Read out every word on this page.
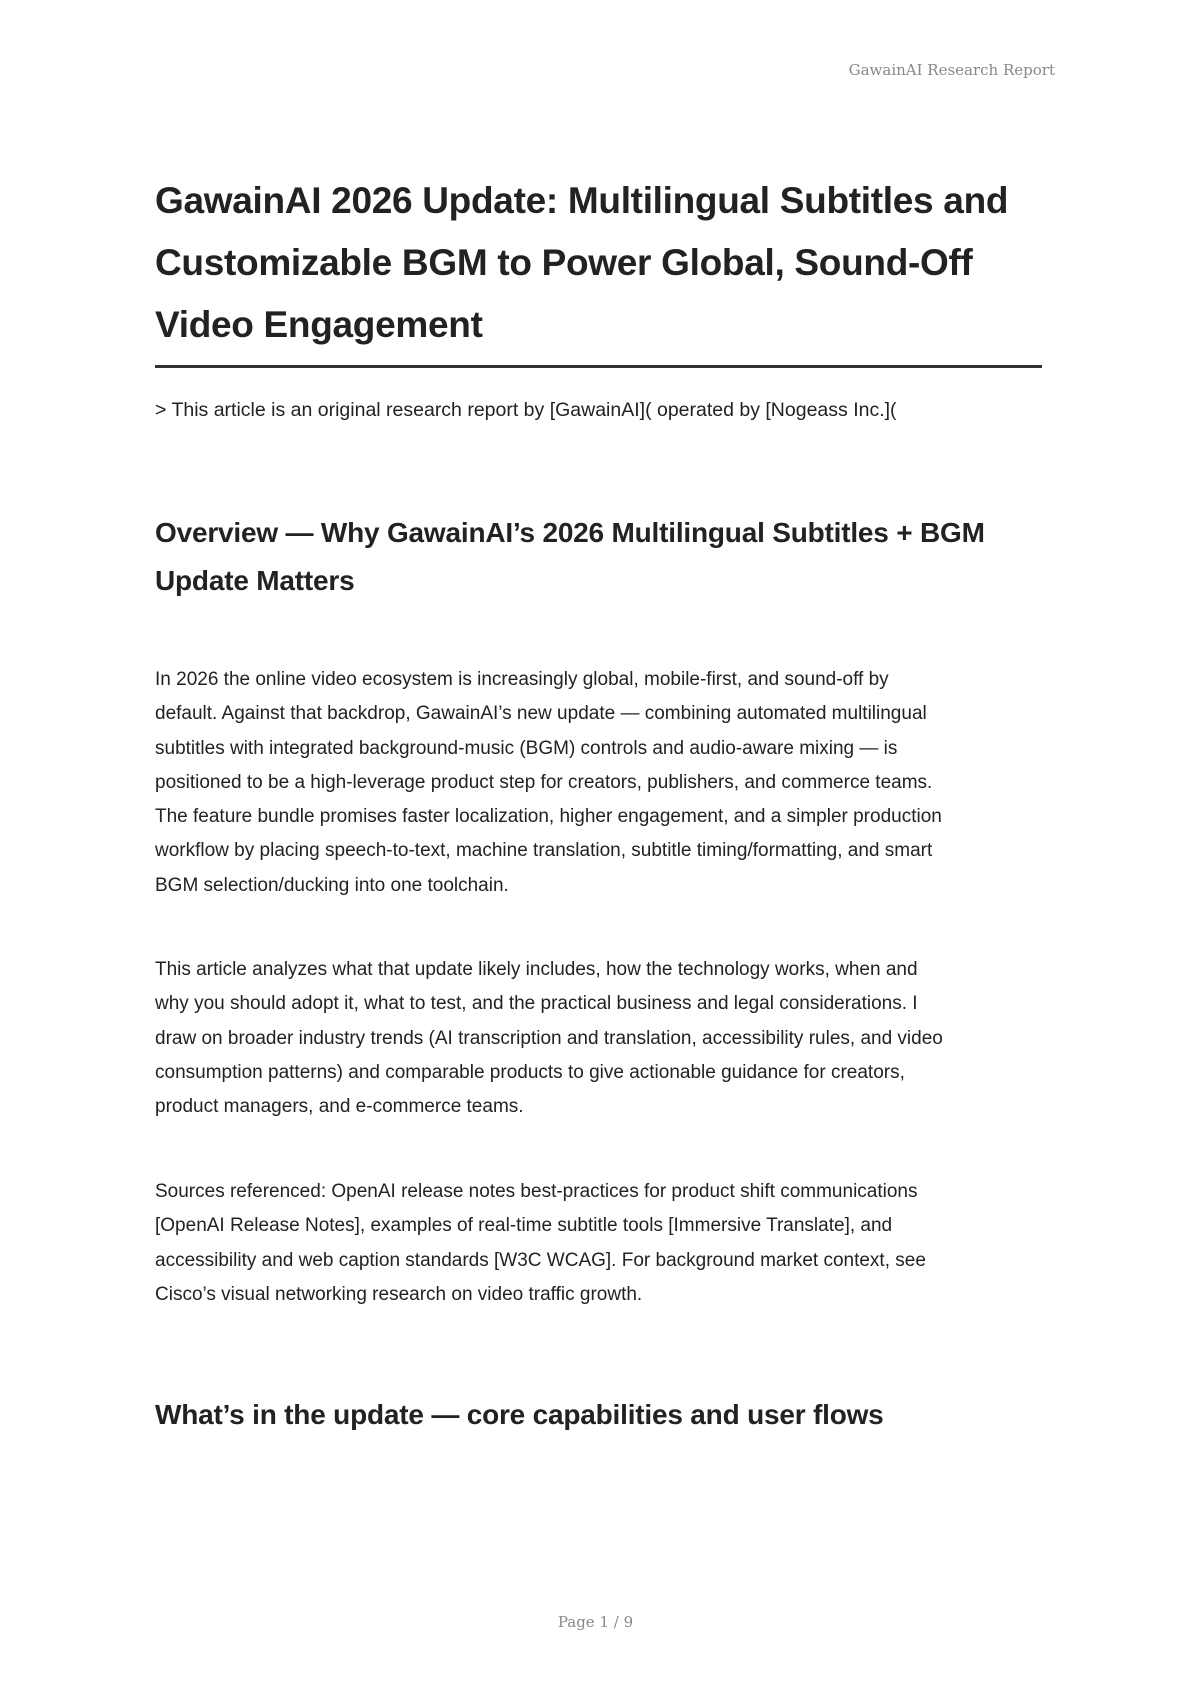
GawainAI Research Report
GawainAI 2026 Update: Multilingual Subtitles and
Customizable BGM to Power Global, Sound-Off
Video Engagement
> This article is an original research report by [GawainAI]( operated by [Nogeass Inc.](
Overview — Why GawainAI’s 2026 Multilingual Subtitles + BGM
Update Matters
In 2026 the online video ecosystem is increasingly global, mobile-first, and sound-off by
default. Against that backdrop, GawainAI’s new update — combining automated multilingual
subtitles with integrated background-music (BGM) controls and audio-aware mixing — is
positioned to be a high-leverage product step for creators, publishers, and commerce teams.
The feature bundle promises faster localization, higher engagement, and a simpler production
workflow by placing speech-to-text, machine translation, subtitle timing/formatting, and smart
BGM selection/ducking into one toolchain.
This article analyzes what that update likely includes, how the technology works, when and
why you should adopt it, what to test, and the practical business and legal considerations. I
draw on broader industry trends (AI transcription and translation, accessibility rules, and video
consumption patterns) and comparable products to give actionable guidance for creators,
product managers, and e-commerce teams.
Sources referenced: OpenAI release notes best-practices for product shift communications
[OpenAI Release Notes], examples of real-time subtitle tools [Immersive Translate], and
accessibility and web caption standards [W3C WCAG]. For background market context, see
Cisco’s visual networking research on video traffic growth.
What’s in the update — core capabilities and user flows
Page 1 / 9
